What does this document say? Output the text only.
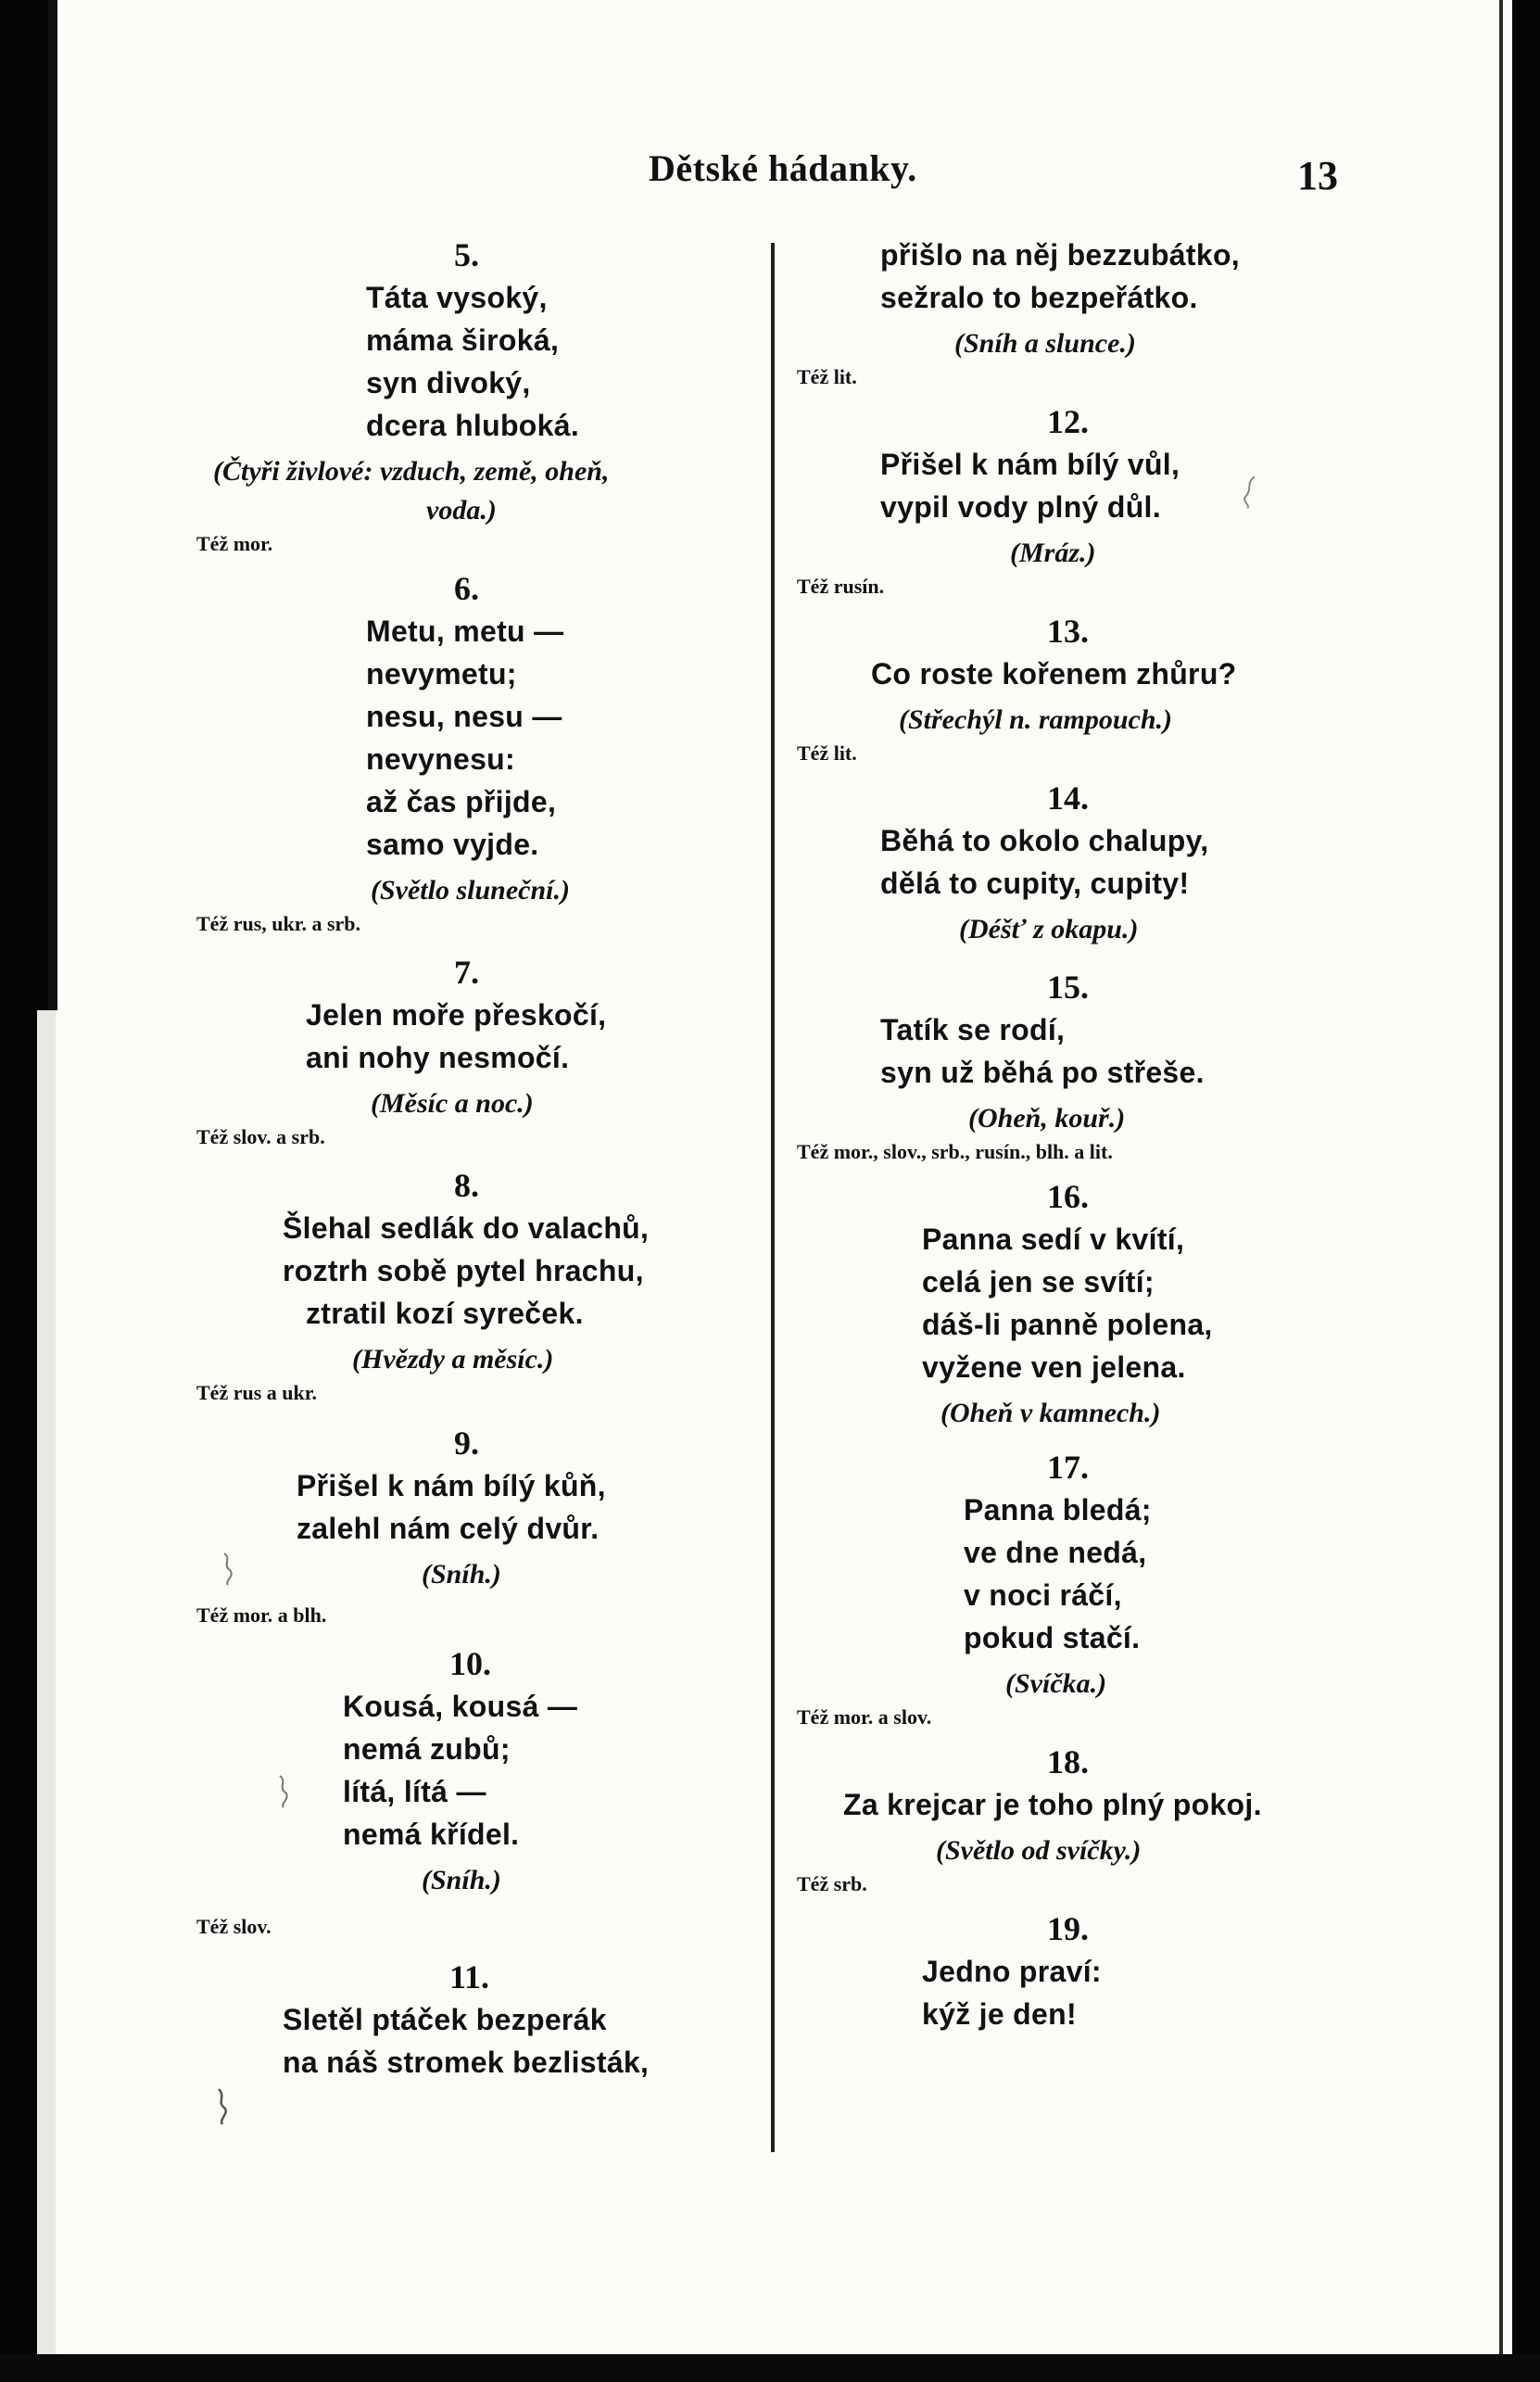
Dětské hádanky.	13

5.

Táta vysoký,

máma široká,

syn divoký,

dcera hluboká.

(Čtyři živlové: vzduch, země, oheň,

voda.)

Též mor.

6.

Metu, metu —

nevymetu;

nesu, nesu —

nevynesu:

až čas přijde,

samo vyjde.

(Světlo sluneční.)

Též rus, ukr. a srb.

7.

Jelen moře přeskočí,

ani nohy nesmočí.

(Měsíc a noc.)

Též slov. a srb.

8.

Šlehal sedlák do valachů,

roztrh sobě pytel hrachu,

ztratil kozí syreček.

(Hvězdy a měsíc.)

Též rus a ukr.

9.

Přišel k nám bílý kůň,

zalehl nám celý dvůr.

(Sníh.)

Též mor. a blh.

10.

Kousá, kousá —

nemá zubů;

lítá, lítá —

nemá křídel.

(Sníh.)

Též slov.

11.

Sletěl ptáček bezperák

na náš stromek bezlisták,

přišlo na něj bezzubátko,

sežralo to bezpeřátko.

(Sníh a slunce.)

Též lit.

12.

Přišel k nám bílý vůl,

vypil vody plný důl.

(Mráz.)

Též rusín.

13.

Co roste kořenem zhůru?

(Střechýl n. rampouch.)

Též lit.

14.

Běhá to okolo chalupy,

dělá to cupity, cupity!

(Déšť z okapu.)

15.

Tatík se rodí,

syn už běhá po střeše.

(Oheň, kouř.)

Též mor., slov., srb., rusín., blh. a lit.

16.

Panna sedí v kvítí,

celá jen se svítí;

dáš-li panně polena,

vyžene ven jelena.

(Oheň v kamnech.)

17.

Panna bledá;

ve dne nedá,

v noci ráčí,

pokud stačí.

(Svíčka.)

Též mor. a slov.

18.

Za krejcar je toho plný pokoj.

(Světlo od svíčky.)

Též srb.

19.

Jedno praví:

kýž je den!
